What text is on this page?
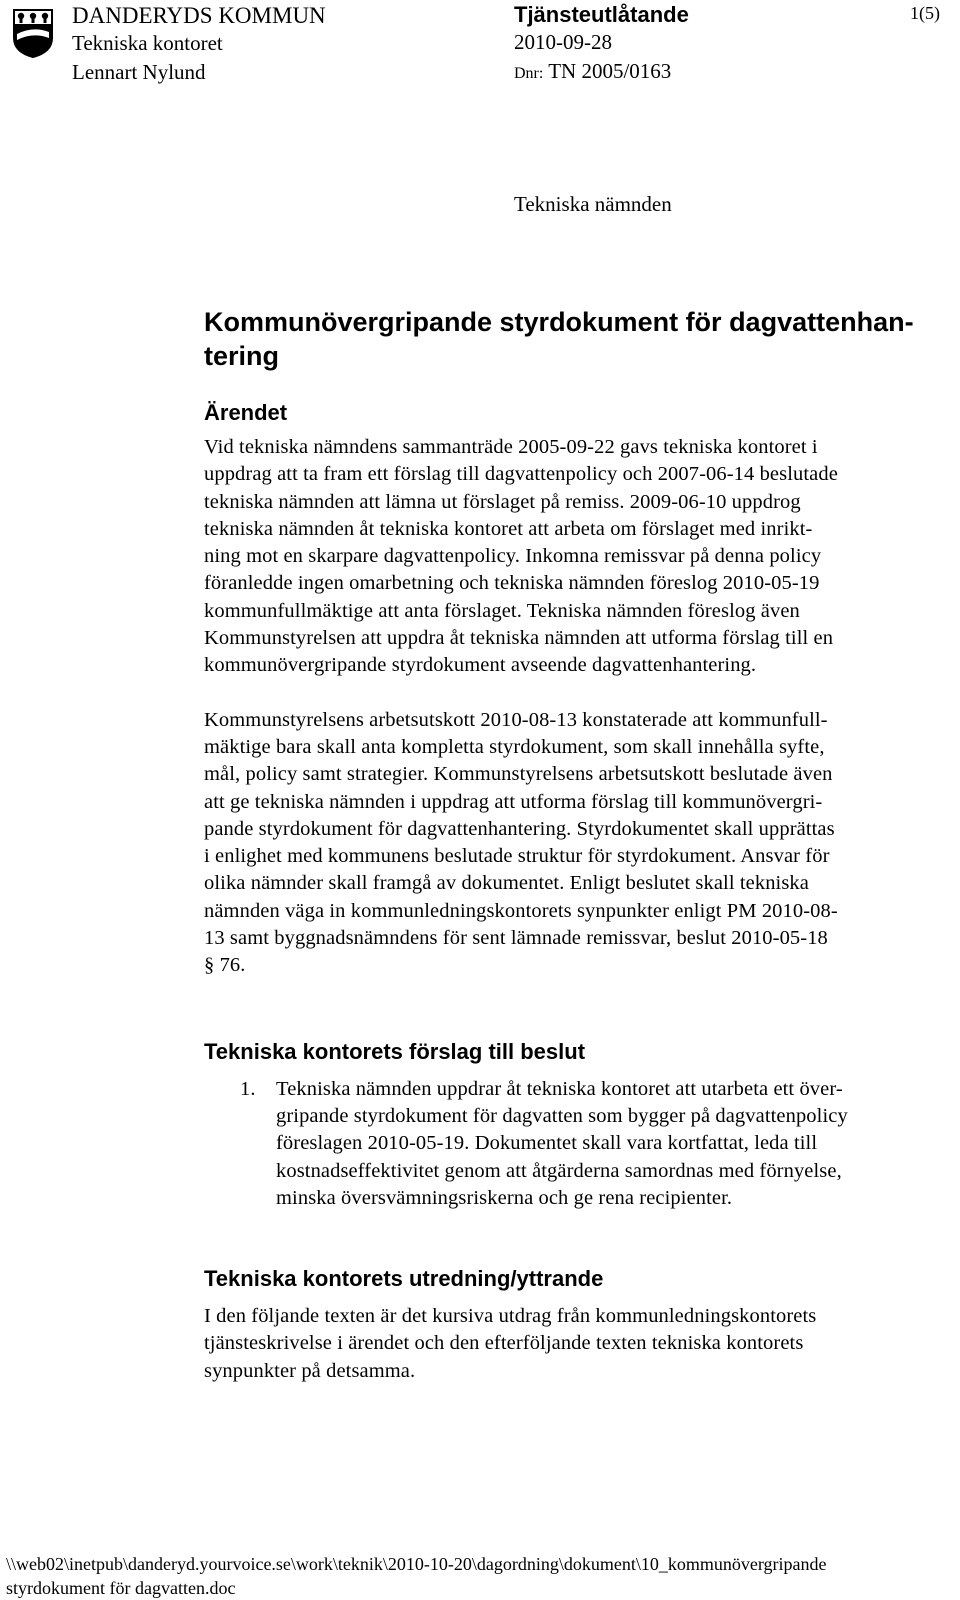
DANDERYDS KOMMUN
Tekniska kontoret
Lennart Nylund
Tjänsteutlåtande
2010-09-28
Dnr: TN 2005/0163
1(5)
Tekniska nämnden
Kommunövergripande styrdokument för dagvattenhan-
tering
Ärendet
Vid tekniska nämndens sammanträde 2005-09-22 gavs tekniska kontoret i
uppdrag att ta fram ett förslag till dagvattenpolicy och 2007-06-14 beslutade
tekniska nämnden att lämna ut förslaget på remiss. 2009-06-10 uppdrog
tekniska nämnden åt tekniska kontoret att arbeta om förslaget med inrikt-
ning mot en skarpare dagvattenpolicy. Inkomna remissvar på denna policy
föranledde ingen omarbetning och tekniska nämnden föreslog 2010-05-19
kommunfullmäktige att anta förslaget. Tekniska nämnden föreslog även
Kommunstyrelsen att uppdra åt tekniska nämnden att utforma förslag till en
kommunövergripande styrdokument avseende dagvattenhantering.
Kommunstyrelsens arbetsutskott 2010-08-13 konstaterade att kommunfull-
mäktige bara skall anta kompletta styrdokument, som skall innehålla syfte,
mål, policy samt strategier. Kommunstyrelsens arbetsutskott beslutade även
att ge tekniska nämnden i uppdrag att utforma förslag till kommunövergri-
pande styrdokument för dagvattenhantering. Styrdokumentet skall upprättas
i enlighet med kommunens beslutade struktur för styrdokument. Ansvar för
olika nämnder skall framgå av dokumentet. Enligt beslutet skall tekniska
nämnden väga in kommunledningskontorets synpunkter enligt PM 2010-08-
13 samt byggnadsnämndens för sent lämnade remissvar, beslut 2010-05-18
§ 76.
Tekniska kontorets förslag till beslut
1. Tekniska nämnden uppdrar åt tekniska kontoret att utarbeta ett över-
gripande styrdokument för dagvatten som bygger på dagvattenpolicy
föreslagen 2010-05-19. Dokumentet skall vara kortfattat, leda till
kostnadseffektivitet genom att åtgärderna samordnas med förnyelse,
minska översvämningsriskerna och ge rena recipienter.
Tekniska kontorets utredning/yttrande
I den följande texten är det kursiva utdrag från kommunledningskontorets
tjänsteskrivelse i ärendet och den efterföljande texten tekniska kontorets
synpunkter på detsamma.
\\web02\inetpub\danderyd.yourvoice.se\work\teknik\2010-10-20\dagordning\dokument\10_kommunövergripande
styrdokument för dagvatten.doc
